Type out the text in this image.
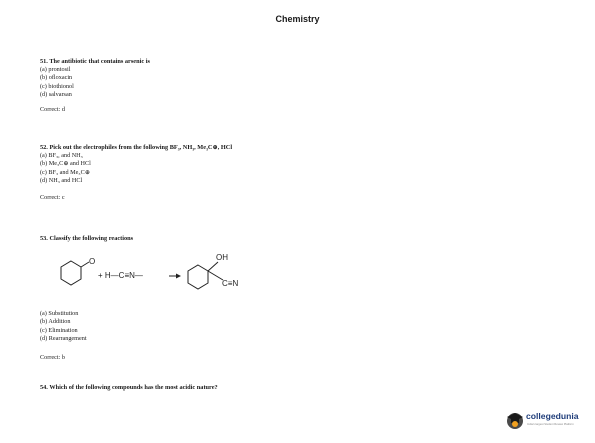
Chemistry
51. The antibiotic that contains arsenic is
(a) prontosil
(b) ofloxacin
(c) biothionol
(d) salvarsan
Correct: d
52. Pick out the electrophiles from the following BF₃, NH₃, Me₃C⊕, HCl
(a) BF₃, and NH₃
(b) Me₃C⊕ and HCl
(c) BF₃ and Me₃C⊕
(d) NH₃ and HCl
Correct: c
53. Classify the following reactions
O
+ H—C≡N—
OH
C≡N
(a) Substitution
(b) Addition
(c) Elimination
(d) Rearrangement
Correct: b
54. Which of the following compounds has the most acidic nature?
collegedunia
India's largest Student Review Platform
